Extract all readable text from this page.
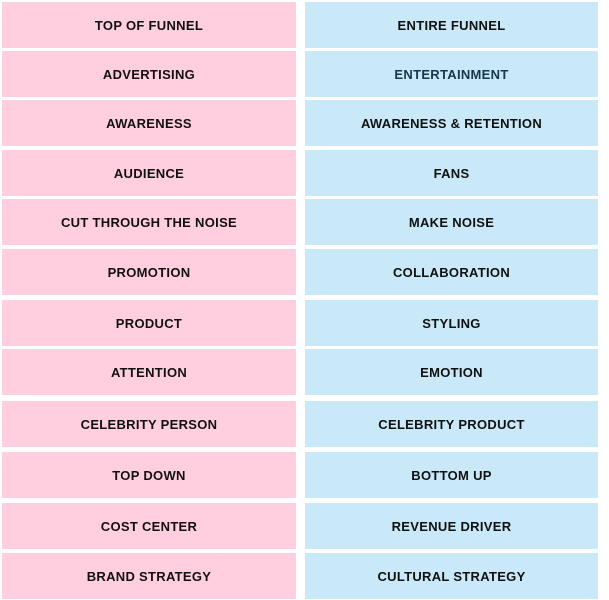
TOP OF FUNNEL	ENTIRE FUNNEL
ADVERTISING	ENTERTAINMENT
AWARENESS	AWARENESS & RETENTION
AUDIENCE	FANS
CUT THROUGH THE NOISE	MAKE NOISE
PROMOTION	COLLABORATION
PRODUCT	STYLING
ATTENTION	EMOTION
CELEBRITY PERSON	CELEBRITY PRODUCT
TOP DOWN	BOTTOM UP
COST CENTER	REVENUE DRIVER
BRAND STRATEGY	CULTURAL STRATEGY
